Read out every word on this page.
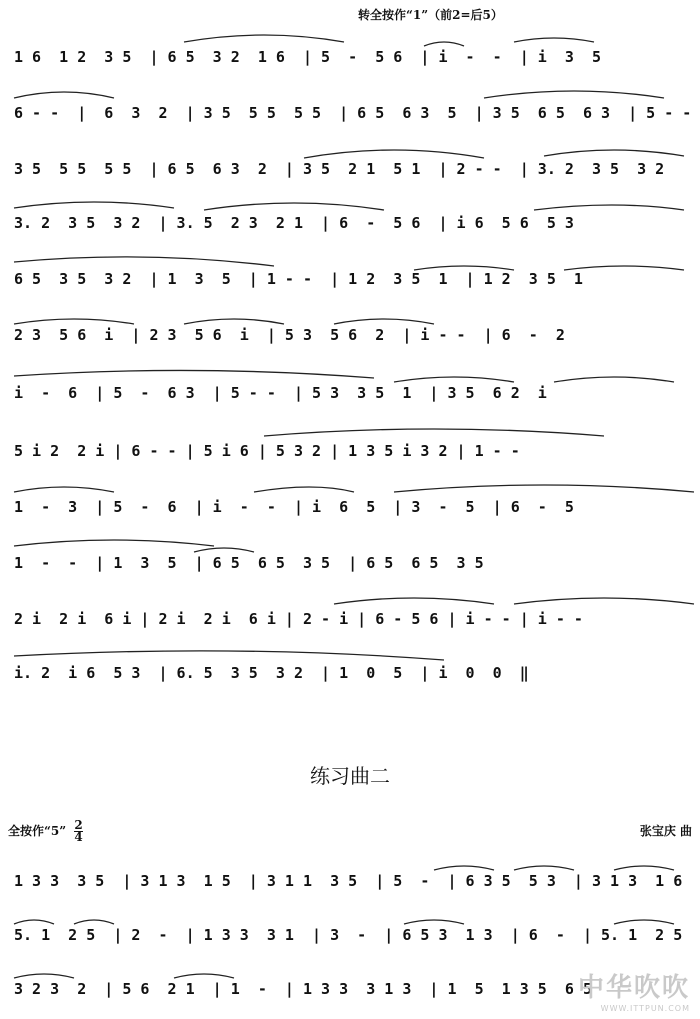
转全按作“1”（前2=后5）
1 6  1 2  3 5  | 6 5  3 2  1 6  | 5  -  5 6  | i  -  -  | i  3  5
6 - -  |  6  3  2  | 3 5  5 5  5 5  | 6 5  6 3  5  | 3 5  6 5  6 3  | 5 - -
3 5  5 5  5 5  | 6 5  6 3  2  | 3 5  2 1  5 1  | 2 - -  | 3. 2  3 5  3 2
3. 2  3 5  3 2  | 3. 5  2 3  2 1  | 6  -  5 6  | i 6  5 6  5 3
6 5  3 5  3 2  | 1  3  5  | 1 - -  | 1 2  3 5  1  | 1 2  3 5  1
2 3  5 6  i  | 2 3  5 6  i  | 5 3  5 6  2  | i - -  | 6  -  2
i  -  6  | 5  -  6 3  | 5 - -  | 5 3  3 5  1  | 3 5  6 2  i
5 i 2  2 i | 6 - - | 5 i 6 | 5 3 2 | 1 3 5 i 3 2 | 1 - -
1  -  3  | 5  -  6  | i  -  -  | i  6  5  | 3  -  5  | 6  -  5
1  -  -  | 1  3  5  | 6 5  6 5  3 5  | 6 5  6 5  3 5
2 i  2 i  6 i | 2 i  2 i  6 i | 2 - i | 6 - 5 6 | i - - | i - -
i. 2  i 6  5 3  | 6. 5  3 5  3 2  | 1  0  5  | i  0  0  ‖
练习曲二
全按作“5” $\frac{2}{4}$	张宝庆 曲
1 3 3  3 5  | 3 1 3  1 5  | 3 1 1  3 5  | 5  -  | 6 3 5  5 3  | 3 1 3  1 6
5. 1  2 5  | 2  -  | 1 3 3  3 1  | 3  -  | 6 5 3  1 3  | 6  -  | 5. 1  2 5
3 2 3  2  | 5 6  2 1  | 1  -  | 1 3 3  3 1 3  | 1  5  1 3 5  6 5
中华吹吹
WWW.ITTPUN.COM
